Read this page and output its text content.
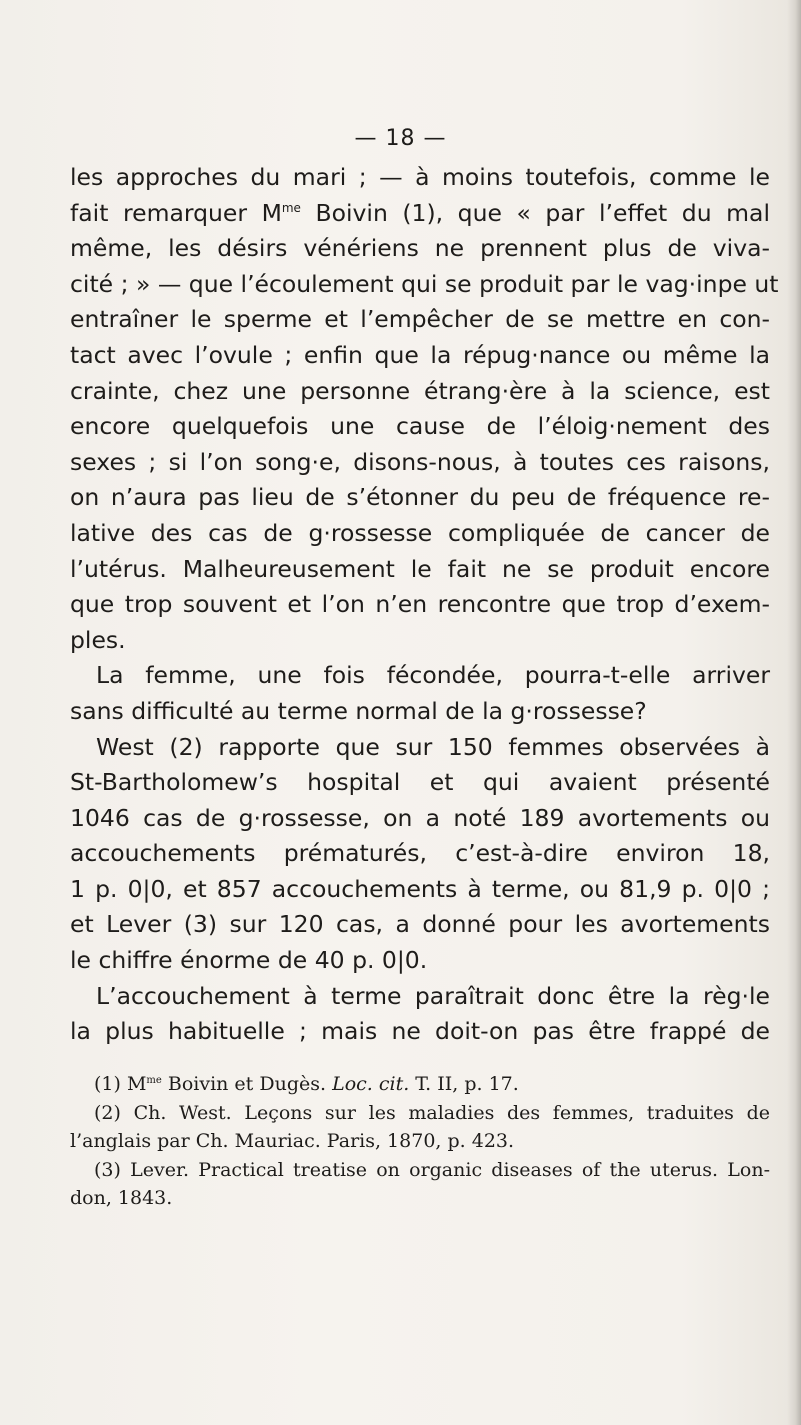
— 18 —
les approches du mari ; — à moins toutefois, comme le
fait remarquer $M^{me}$ Boivin (1), que « par l’effet du mal
même, les désirs vénériens ne prennent plus de viva-
cité ; » — que l’écoulement qui se produit par le vag·inpe ut
entraîner le sperme et l’empêcher de se mettre en con-
tact avec l’ovule ; enfin que la répug·nance ou même la
crainte, chez une personne étrang·ère à la science, est
encore quelquefois une cause de l’éloig·nement des
sexes ; si l’on song·e, disons-nous, à toutes ces raisons,
on n’aura pas lieu de s’étonner du peu de fréquence re-
lative des cas de g·rossesse compliquée de cancer de
l’utérus. Malheureusement le fait ne se produit encore
que trop souvent et l’on n’en rencontre que trop d’exem-
ples.
La femme, une fois fécondée, pourra-t-elle arriver
sans difficulté au terme normal de la g·rossesse?
West (2) rapporte que sur 150 femmes observées à
St-Bartholomew’s hospital et qui avaient présenté
1046 cas de g·rossesse, on a noté 189 avortements ou
accouchements prématurés, c’est-à-dire environ 18,
1 p. 0|0, et 857 accouchements à terme, ou 81,9 p. 0|0 ;
et Lever (3) sur 120 cas, a donné pour les avortements
le chiffre énorme de 40 p. 0|0.
L’accouchement à terme paraîtrait donc être la règ·le
la plus habituelle ; mais ne doit-on pas être frappé de
(1) $M^{me}$ Boivin et Dugès. Loc. cit. T. II, p. 17.
(2) Ch. West. Leçons sur les maladies des femmes, traduites de
l’anglais par Ch. Mauriac. Paris, 1870, p. 423.
(3) Lever. Practical treatise on organic diseases of the uterus. Lon-
don, 1843.
